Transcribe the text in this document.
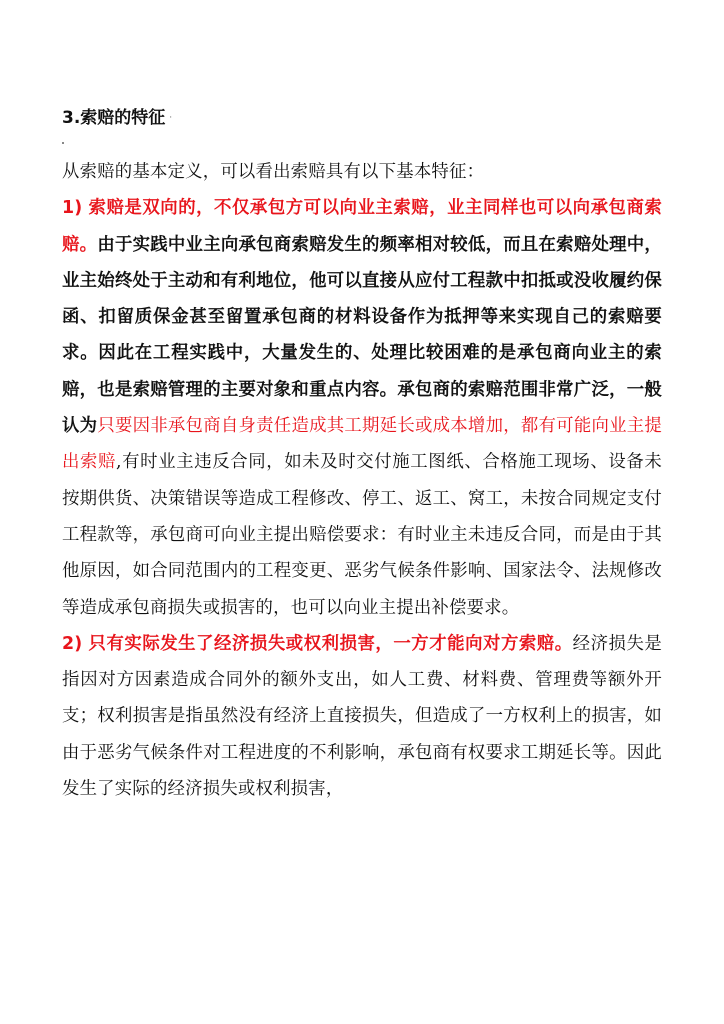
3.索赔的特征 ·

从索赔的基本定义，可以看出索赔具有以下基本特征：

1) 索赔是双向的，不仅承包方可以向业主索赔，业主同样也可以向承包商索赔。由于实践中业主向承包商索赔发生的频率相对较低，而且在索赔处理中，业主始终处于主动和有利地位，他可以直接从应付工程款中扣抵或没收履约保函、扣留质保金甚至留置承包商的材料设备作为抵押等来实现自己的索赔要求。因此在工程实践中，大量发生的、处理比较困难的是承包商向业主的索赔，也是索赔管理的主要对象和重点内容。承包商的索赔范围非常广泛，一般认为只要因非承包商自身责任造成其工期延长或成本增加，都有可能向业主提出索赔,有时业主违反合同，如未及时交付施工图纸、合格施工现场、设备未按期供货、决策错误等造成工程修改、停工、返工、窝工，未按合同规定支付工程款等，承包商可向业主提出赔偿要求：有时业主未违反合同，而是由于其他原因，如合同范围内的工程变更、恶劣气候条件影响、国家法令、法规修改等造成承包商损失或损害的，也可以向业主提出补偿要求。

2) 只有实际发生了经济损失或权利损害，一方才能向对方索赔。经济损失是指因对方因素造成合同外的额外支出，如人工费、材料费、管理费等额外开支；权利损害是指虽然没有经济上直接损失，但造成了一方权利上的损害，如由于恶劣气候条件对工程进度的不利影响，承包商有权要求工期延长等。因此发生了实际的经济损失或权利损害，
